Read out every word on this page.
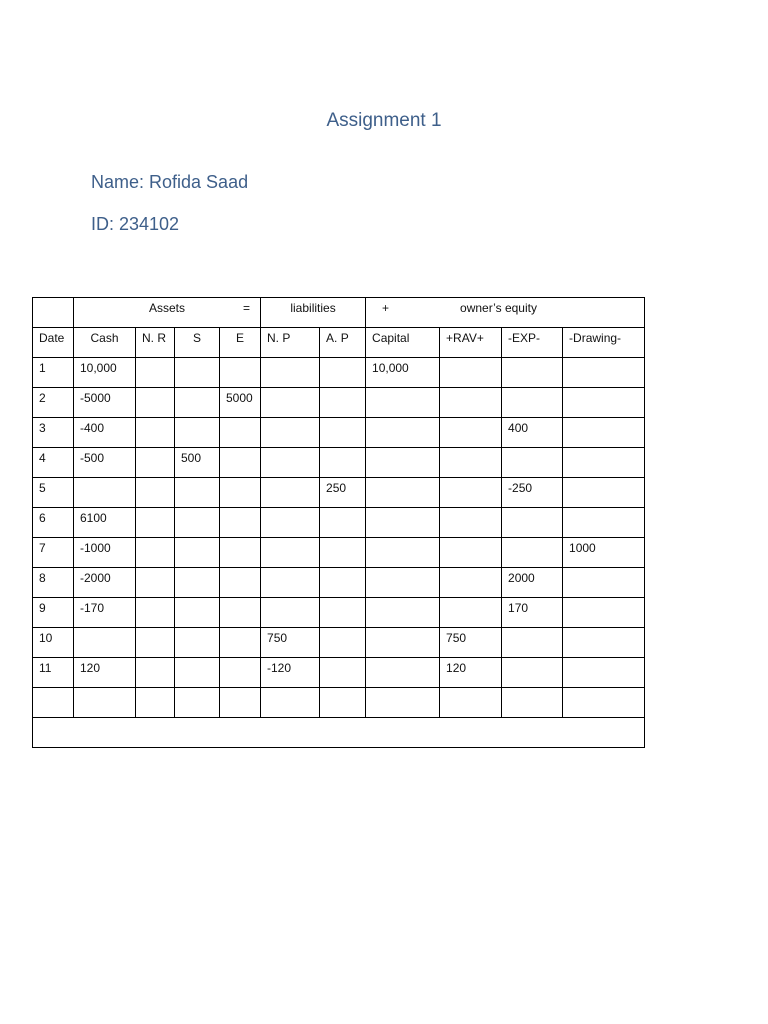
Assignment 1
Name: Rofida Saad
ID: 234102
	Assets =				liabilities		+ owner’s equity			

Date	Cash	N. R	S	E	N. P	A. P	Capital	+RAV+	-EXP-	-Drawing-
1	10,000						10,000			
2	-5000			5000						
3	-400								400	
4	-500		500							
5						250			-250	
6	6100									
7	-1000									1000
8	-2000								2000	
9	-170								170	
10					750			750		
11	120				-120			120		
